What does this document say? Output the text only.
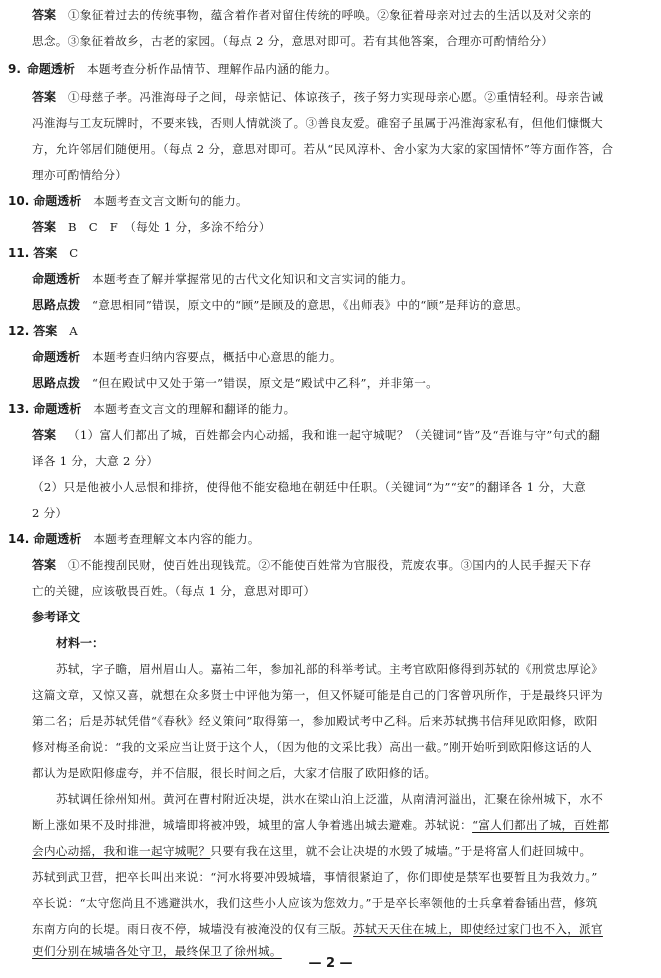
答案 ①象征着过去的传统事物，蕴含着作者对留住传统的呼唤。②象征着母亲对过去的生活以及对父亲的
思念。③象征着故乡，古老的家园。（每点 2 分，意思对即可。若有其他答案，合理亦可酌情给分）
9. 命题透析 本题考查分析作品情节、理解作品内涵的能力。
答案 ①母慈子孝。冯淮海母子之间，母亲惦记、体谅孩子，孩子努力实现母亲心愿。②重情轻利。母亲告诫
冯淮海与工友玩牌时，不要来钱，否则人情就淡了。③善良友爱。碓窑子虽属于冯淮海家私有，但他们慷慨大
方，允许邻居们随便用。（每点 2 分，意思对即可。若从“民风淳朴、舍小家为大家的家国情怀”等方面作答，合
理亦可酌情给分）
10. 命题透析 本题考查文言文断句的能力。
答案 B　C　F　（每处 1 分，多涂不给分）
11. 答案 C
命题透析 本题考查了解并掌握常见的古代文化知识和文言实词的能力。
思路点拨 “意思相同”错误，原文中的“顾”是顾及的意思，《出师表》中的“顾”是拜访的意思。
12. 答案 A
命题透析 本题考查归纳内容要点，概括中心意思的能力。
思路点拨 “但在殿试中又处于第一”错误，原文是“殿试中乙科”，并非第一。
13. 命题透析 本题考查文言文的理解和翻译的能力。
答案 （1）富人们都出了城，百姓都会内心动摇，我和谁一起守城呢？（关键词“皆”及“吾谁与守”句式的翻
译各 1 分，大意 2 分）
（2）只是他被小人忌恨和排挤，使得他不能安稳地在朝廷中任职。（关键词“为”“安”的翻译各 1 分，大意
2 分）
14. 命题透析 本题考查理解文本内容的能力。
答案 ①不能搜刮民财，使百姓出现钱荒。②不能使百姓常为官服役，荒废农事。③国内的人民手握天下存
亡的关键，应该敬畏百姓。（每点 1 分，意思对即可）
参考译文
材料一：
苏轼，字子瞻，眉州眉山人。嘉祐二年，参加礼部的科举考试。主考官欧阳修得到苏轼的《刑赏忠厚论》
这篇文章，又惊又喜，就想在众多贤士中评他为第一，但又怀疑可能是自己的门客曾巩所作，于是最终只评为
第二名；后是苏轼凭借“《春秋》经义策问”取得第一，参加殿试考中乙科。后来苏轼携书信拜见欧阳修，欧阳
修对梅圣俞说：“我的文采应当让贤于这个人，（因为他的文采比我）高出一截。”刚开始听到欧阳修这话的人
都认为是欧阳修虚夸，并不信服，很长时间之后，大家才信服了欧阳修的话。
苏轼调任徐州知州。黄河在曹村附近决堤，洪水在梁山泊上泛滥，从南清河溢出，汇聚在徐州城下，水不
断上涨如果不及时排泄，城墙即将被冲毁，城里的富人争着逃出城去避难。苏轼说：“富人们都出了城，百姓都
会内心动摇，我和谁一起守城呢？只要有我在这里，就不会让决堤的水毁了城墙。”于是将富人们赶回城中。
苏轼到武卫营，把卒长叫出来说：“河水将要冲毁城墙，事情很紧迫了，你们即使是禁军也要暂且为我效力。”
卒长说：“太守您尚且不逃避洪水，我们这些小人应该为您效力。”于是卒长率领他的士兵拿着畚锸出营，修筑
东南方向的长堤。雨日夜不停，城墙没有被淹没的仅有三版。苏轼天天住在城上，即使经过家门也不入，派官
吏们分别在城墙各处守卫，最终保卫了徐州城。
— 2 —
